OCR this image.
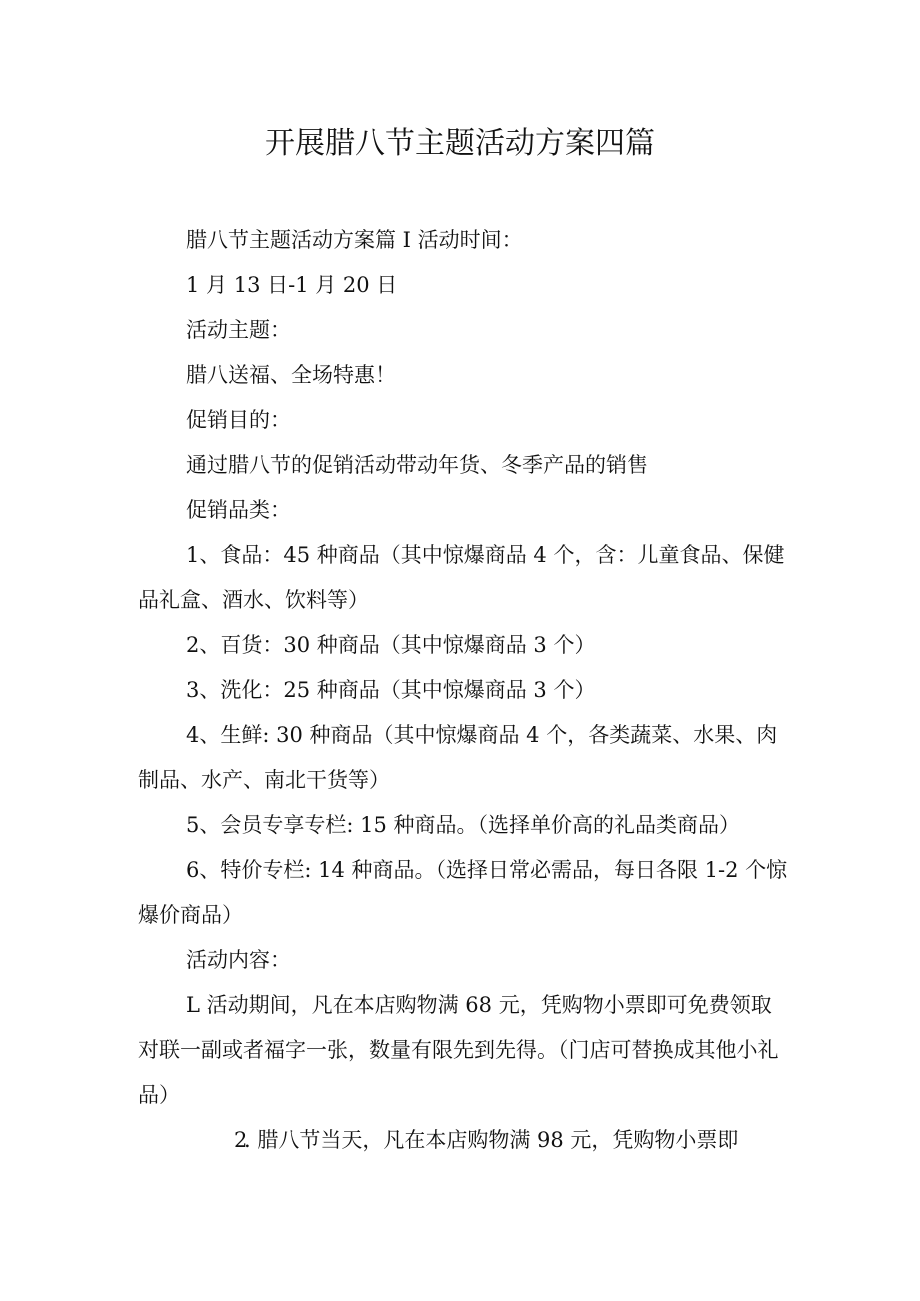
开展腊八节主题活动方案四篇

腊八节主题活动方案篇 I 活动时间：

1 月 13 日-1 月 20 日

活动主题：

腊八送福、全场特惠！

促销目的：

通过腊八节的促销活动带动年货、冬季产品的销售

促销品类：

1、食品：45 种商品（其中惊爆商品 4 个，含：儿童食品、保健品礼盒、酒水、饮料等）

2、百货：30 种商品（其中惊爆商品 3 个）

3、洗化：25 种商品（其中惊爆商品 3 个）

4、生鲜: 30 种商品（其中惊爆商品 4 个，各类蔬菜、水果、肉制品、水产、南北干货等）

5、会员专享专栏: 15 种商品。（选择单价高的礼品类商品）

6、特价专栏: 14 种商品。（选择日常必需品，每日各限 1-2 个惊爆价商品）

活动内容：

L 活动期间，凡在本店购物满 68 元，凭购物小票即可免费领取对联一副或者福字一张，数量有限先到先得。（门店可替换成其他小礼品）

2. 腊八节当天，凡在本店购物满 98 元，凭购物小票即
